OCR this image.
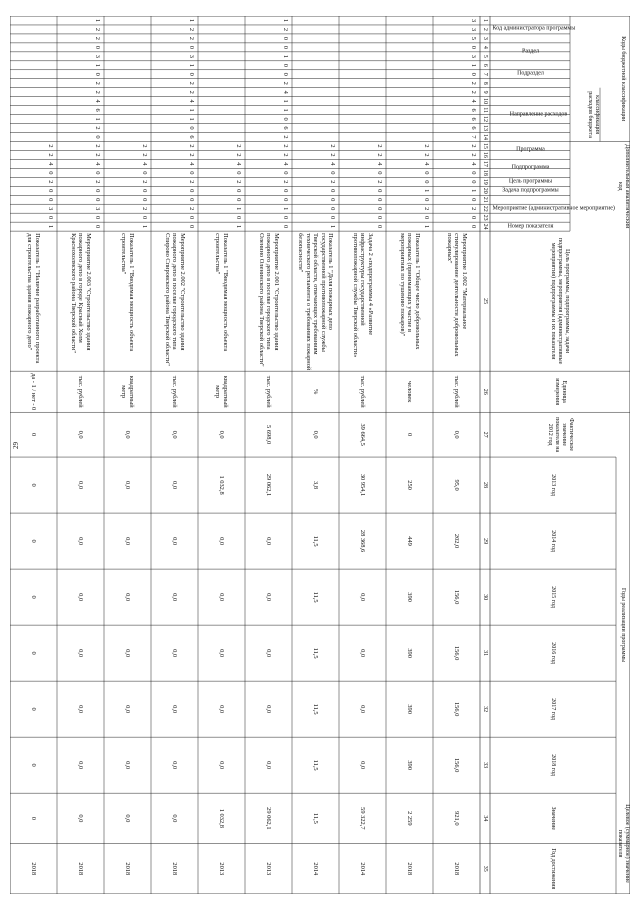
29
Коды бюджетной классификации
Дополнительный аналитический код
классификация расходов бюджета
Цель программы, подпрограммы, задачи подпрограммы, мероприятия (административные мероприятия) подпрограммы и их показатели
Единица измерения
Фактическое значение показателя на 2012 год
Годы реализации программы
Целевое (суммарное) значение показателя
2013 год
2014 год
2015 год
2016 год
2017 год
2018 год
Значение
Год достижения
Код администратора программы
Раздел
Подраздел
Направление расходов
Программа
Подпрограмма
Цель программы
Задача подпрограммы
Мероприятие (административное мероприятие)
Номер показателя
1
2
3
4
5
6
7
8
9
10
11
12
13
14
15
16
17
18
19
20
21
22
23
24
25
26
27
28
29
30
31
32
33
34
35
3
3
5
0
3
1
0
2
2
4
6
6
6
7
2
2
4
0
0
1
0
2
0
0
Мероприятие 1.002 "Материальное стимулирование деятельности добровольных пожарных"
тыс. рублей
0,0
95,0
202,0
156,0
156,0
156,0
156,0
921,0
2018
2
2
4
0
0
1
0
2
0
1
Показатель 1 "Общее число добровольных пожарных (принимающих участие в мероприятиях по тушению пожаров)"
человек
0
250
449
390
390
390
390
2 259
2018
2
2
4
0
2
0
0
0
0
0
Задача 2 «подпрограммы 4 «Развитие инфраструктуры государственной противопожарной службы Тверской области»
тыс. рублей
39 664,5
30 954,1
28 368,6
0,0
0,0
0,0
0,0
59 322,7
2014
2
2
4
0
2
0
0
0
0
1
Показатель 1 "Доля пожарных депо государственной противопожарной службы Тверской области, отвечающих требованиям технического регламента о требованиях пожарной безопасности"
%
0,0
3,8
11,5
11,5
11,5
11,5
11,5
11,5
2014
1
2
0
0
1
0
0
2
4
1
1
0
6
2
2
2
4
0
2
0
0
1
0
0
Мероприятие 2.001 "Строительство здания пожарного депо в поселке городского типа Оленино Оленинского района Тверской области"
тыс. рублей
5 698,0
29 062,1
0,0
0,0
0,0
0,0
0,0
29 062,1
2013
2
2
4
0
2
0
0
1
0
1
Показатель 1 "Вводимая мощность объекта строительства"
квадратный метр
0,0
1 032,8
0,0
0,0
0,0
0,0
0,0
1 032,8
2013
1
2
2
0
3
1
0
2
2
4
1
1
0
6
2
2
4
0
2
0
0
2
0
0
Мероприятие 2.002 "Строительство здания пожарного депо в поселке городского типа Спирово Спировского района Тверской области"
тыс. рублей
0,0
0,0
0,0
0,0
0,0
0,0
0,0
0,0
2018
2
2
4
0
2
0
0
2
0
1
Показатель 1 "Вводимая мощность объекта строительства"
квадратный метр
0,0
0,0
0,0
0,0
0,0
0,0
0,0
0,0
2018
1
2
2
0
3
1
0
2
2
4
6
1
2
0
2
2
4
0
2
0
0
3
0
0
Мероприятие 2.003 "Строительство здания пожарного депо в городе Красный Холм Краснохолмского района Тверской области"
тыс. рублей
0,0
0,0
0,0
0,0
0,0
0,0
0,0
0,0
2018
2
2
4
0
2
0
0
3
0
1
Показатель 1 "Наличие разработанного проекта для строительства здания пожарного депо"
да - 1 / нет - 0
0
0
0
0
0
0
0
0
2018
